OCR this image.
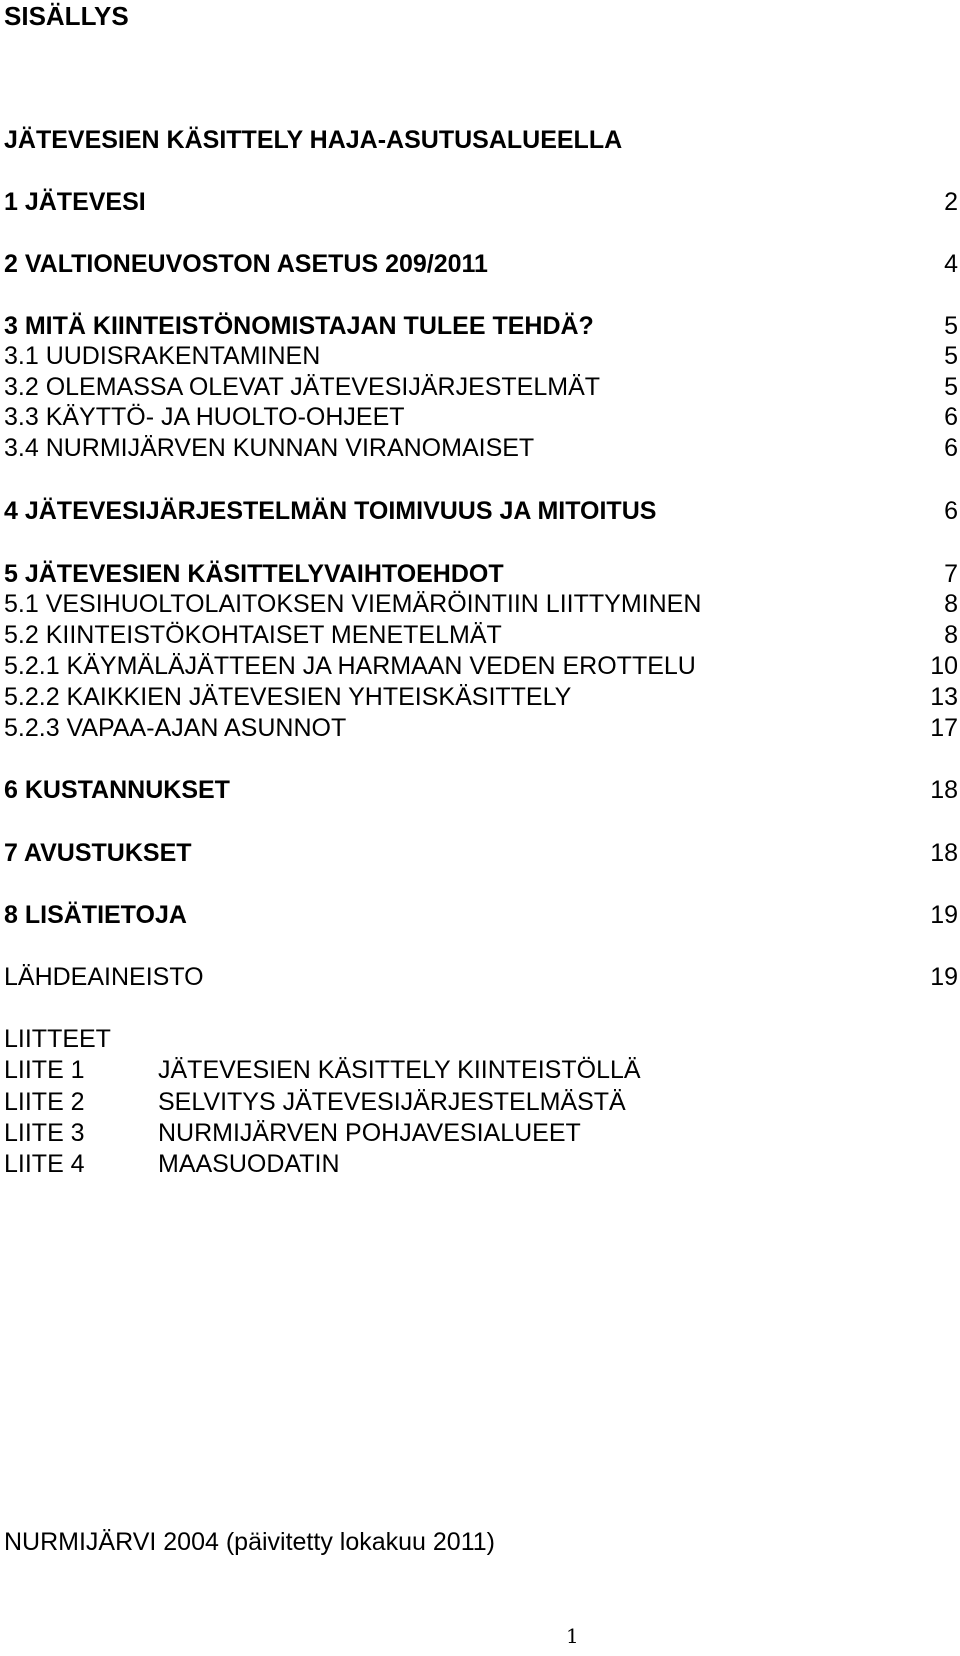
SISÄLLYS
JÄTEVESIEN KÄSITTELY HAJA-ASUTUSALUEELLA
1 JÄTEVESI	2
2 VALTIONEUVOSTON ASETUS 209/2011	4
3 MITÄ KIINTEISTÖNOMISTAJAN TULEE TEHDÄ?	5
3.1 UUDISRAKENTAMINEN	5
3.2 OLEMASSA OLEVAT JÄTEVESIJÄRJESTELMÄT	5
3.3 KÄYTTÖ- JA HUOLTO-OHJEET	6
3.4 NURMIJÄRVEN KUNNAN VIRANOMAISET	6
4 JÄTEVESIJÄRJESTELMÄN TOIMIVUUS JA MITOITUS	6
5 JÄTEVESIEN KÄSITTELYVAIHTOEHDOT	7
5.1 VESIHUOLTOLAITOKSEN VIEMÄRÖINTIIN LIITTYMINEN	8
5.2 KIINTEISTÖKOHTAISET MENETELMÄT	8
5.2.1 KÄYMÄLÄJÄTTEEN JA HARMAAN VEDEN EROTTELU	10
5.2.2 KAIKKIEN JÄTEVESIEN YHTEISKÄSITTELY	13
5.2.3 VAPAA-AJAN ASUNNOT	17
6 KUSTANNUKSET	18
7 AVUSTUKSET	18
8 LISÄTIETOJA	19
LÄHDEAINEISTO	19
LIITTEET
LIITE 1	JÄTEVESIEN KÄSITTELY KIINTEISTÖLLÄ
LIITE 2	SELVITYS JÄTEVESIJÄRJESTELMÄSTÄ
LIITE 3	NURMIJÄRVEN POHJAVESIALUEET
LIITE 4	MAASUODATIN
NURMIJÄRVI 2004 (päivitetty lokakuu 2011)
1
